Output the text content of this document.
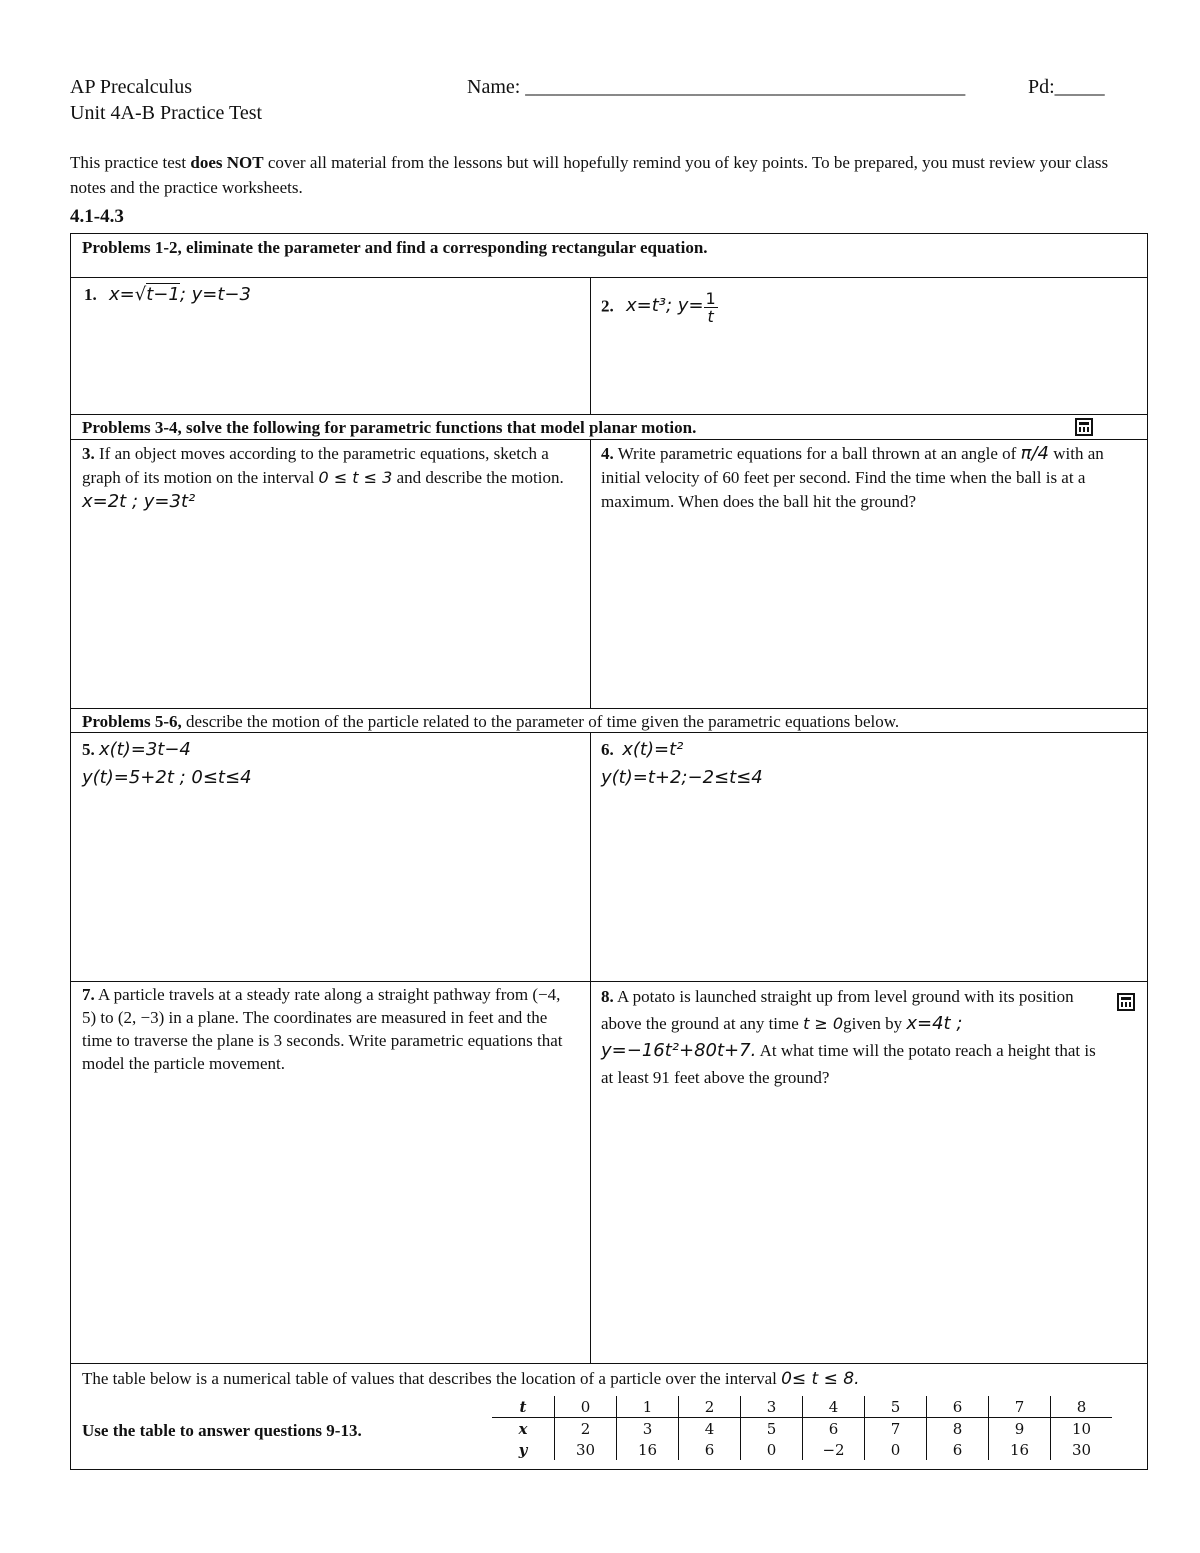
AP Precalculus
Unit 4A-B Practice Test
Name: ____________________________________________	Pd:_____
This practice test does NOT cover all material from the lessons but will hopefully remind you of key points. To be prepared, you must review your class notes and the practice worksheets.
4.1-4.3
Problems 1-2, eliminate the parameter and find a corresponding rectangular equation.
1. x=√t−1; y=t−3
2. x=t³; $y= \frac{1}{t}$
Problems 3-4, solve the following for parametric functions that model planar motion.
3. If an object moves according to the parametric equations, sketch a graph of its motion on the interval 0 ≤ t ≤ 3 and describe the motion. x=2t ; y=3t²
4. Write parametric equations for a ball thrown at an angle of π/4 with an initial velocity of 60 feet per second. Find the time when the ball is at a maximum. When does the ball hit the ground?
Problems 5-6, describe the motion of the particle related to the parameter of time given the parametric equations below.
5. x(t)=3t−4
y(t)=5+2t ; 0≤t≤4
6. x(t)=t²
y(t)=t+2;−2≤t≤4
7. A particle travels at a steady rate along a straight pathway from (−4, 5) to (2, −3) in a plane. The coordinates are measured in feet and the time to traverse the plane is 3 seconds. Write parametric equations that model the particle movement.
8. A potato is launched straight up from level ground with its position above the ground at any time t ≥ 0given by x=4t ;
y=−16t²+80t+7. At what time will the potato reach a height that is at least 91 feet above the ground?
The table below is a numerical table of values that describes the location of a particle over the interval 0≤ t ≤ 8.
Use the table to answer questions 9-13.
t	0	1	2	3	4	5	6	7	8
x	2	3	4	5	6	7	8	9	10
y	30	16	6	0	−2	0	6	16	30
